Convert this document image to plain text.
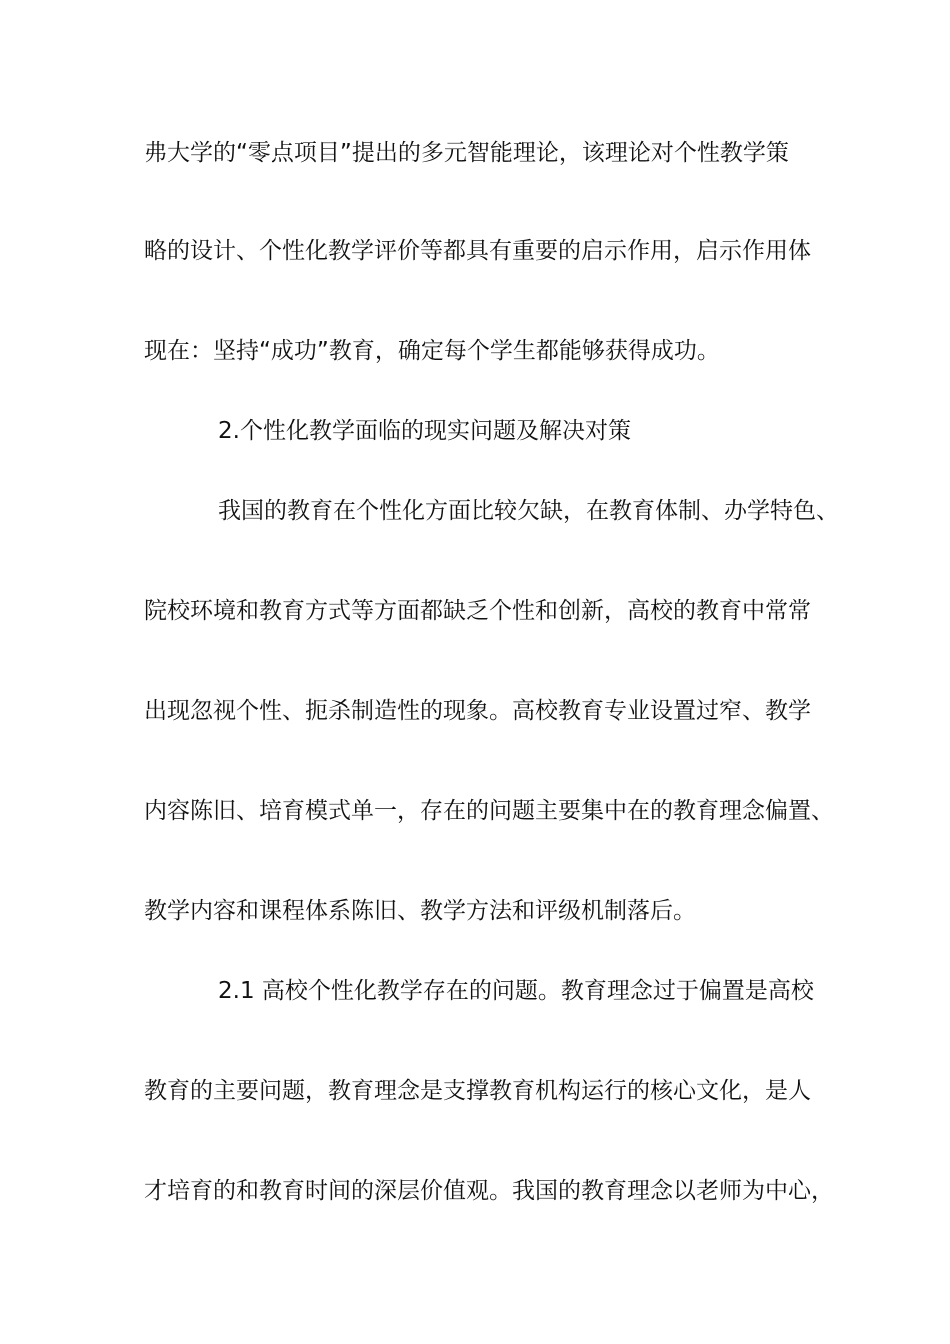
弗大学的“零点项目”提出的多元智能理论，该理论对个性教学策
略的设计、个性化教学评价等都具有重要的启示作用，启示作用体
现在：坚持“成功”教育，确定每个学生都能够获得成功。
2.个性化教学面临的现实问题及解决对策
我国的教育在个性化方面比较欠缺，在教育体制、办学特色、
院校环境和教育方式等方面都缺乏个性和创新，高校的教育中常常
出现忽视个性、扼杀制造性的现象。高校教育专业设置过窄、教学
内容陈旧、培育模式单一，存在的问题主要集中在的教育理念偏置、
教学内容和课程体系陈旧、教学方法和评级机制落后。
2.1 高校个性化教学存在的问题。教育理念过于偏置是高校
教育的主要问题，教育理念是支撑教育机构运行的核心文化，是人
才培育的和教育时间的深层价值观。我国的教育理念以老师为中心，
